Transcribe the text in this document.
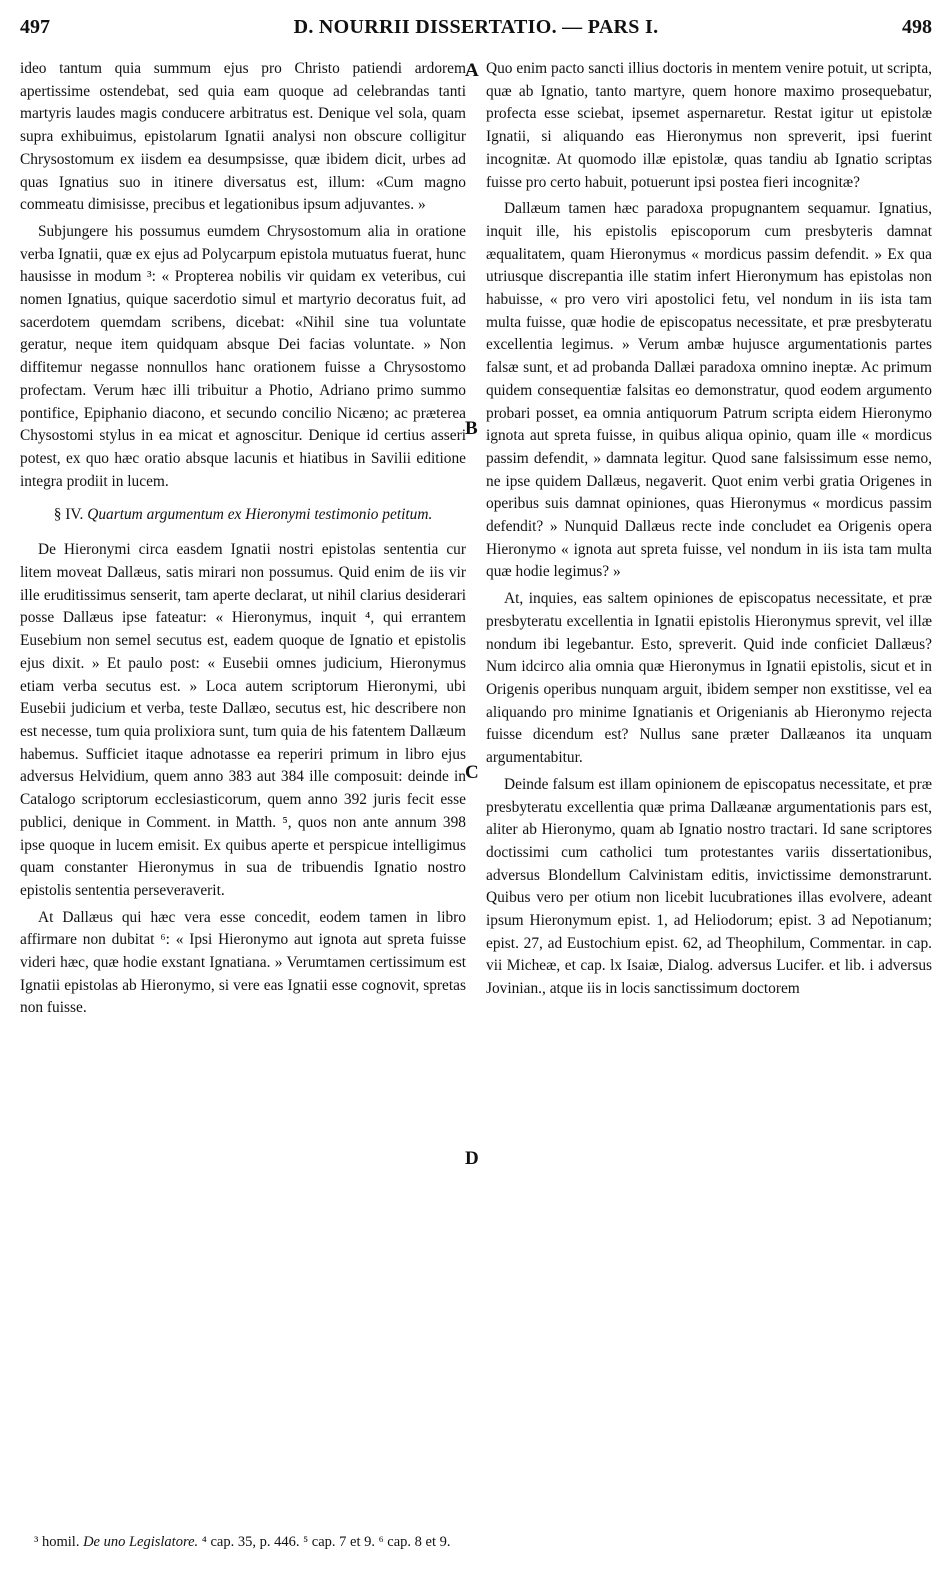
497	D. NOURRII DISSERTATIO. — PARS I.	498

ideo tantum quia summum ejus pro Christo patiendi ardorem apertissime ostendebat, sed quia eam quoque ad celebrandas tanti martyris laudes magis conducere arbitratus est. Denique vel sola, quam supra exhibuimus, epistolarum Ignatii analysi non obscure colligitur Chrysostomum ex iisdem ea desumpsisse, quæ ibidem dicit, urbes ad quas Ignatius suo in itinere diversatus est, illum: «Cum magno commeatu dimisisse, precibus et legationibus ipsum adjuvantes. »

Subjungere his possumus eumdem Chrysostomum alia in oratione verba Ignatii, quæ ex ejus ad Polycarpum epistola mutuatus fuerat, hunc hausisse in modum ³: « Propterea nobilis vir quidam ex veteribus, cui nomen Ignatius, quique sacerdotio simul et martyrio decoratus fuit, ad sacerdotem quemdam scribens, dicebat: «Nihil sine tua voluntate geratur, neque item quidquam absque Dei facias voluntate. » Non diffitemur negasse nonnullos hanc orationem fuisse a Chrysostomo profectam. Verum hæc illi tribuitur a Photio, Adriano primo summo pontifice, Epiphanio diacono, et secundo concilio Nicæno; ac præterea Chysostomi stylus in ea micat et agnoscitur. Denique id certius asseri potest, ex quo hæc oratio absque lacunis et hiatibus in Savilii editione integra prodiit in lucem.

§ IV. Quartum argumentum ex Hieronymi testimonio petitum.

De Hieronymi circa easdem Ignatii nostri epistolas sententia cur litem moveat Dallæus, satis mirari non possumus. Quid enim de iis vir ille eruditissimus senserit, tam aperte declarat, ut nihil clarius desiderari posse Dallæus ipse fateatur: « Hieronymus, inquit ⁴, qui errantem Eusebium non semel secutus est, eadem quoque de Ignatio et epistolis ejus dixit. » Et paulo post: « Eusebii omnes judicium, Hieronymus etiam verba secutus est. » Loca autem scriptorum Hieronymi, ubi Eusebii judicium et verba, teste Dallæo, secutus est, hic describere non est necesse, tum quia prolixiora sunt, tum quia de his fatentem Dallæum habemus. Sufficiet itaque adnotasse ea reperiri primum in libro ejus adversus Helvidium, quem anno 383 aut 384 ille composuit: deinde in Catalogo scriptorum ecclesiasticorum, quem anno 392 juris fecit esse publici, denique in Comment. in Matth. ⁵, quos non ante annum 398 ipse quoque in lucem emisit. Ex quibus aperte et perspicue intelligimus quam constanter Hieronymus in sua de tribuendis Ignatio nostro epistolis sententia perseveraverit.

At Dallæus qui hæc vera esse concedit, eodem tamen in libro affirmare non dubitat ⁶: « Ipsi Hieronymo aut ignota aut spreta fuisse videri hæc, quæ hodie exstant Ignatiana. » Verumtamen certissimum est Ignatii epistolas ab Hieronymo, si vere eas Ignatii esse cognovit, spretas non fuisse.

Quo enim pacto sancti illius doctoris in mentem venire potuit, ut scripta, quæ ab Ignatio, tanto martyre, quem honore maximo prosequebatur, profecta esse sciebat, ipsemet aspernaretur. Restat igitur ut epistolæ Ignatii, si aliquando eas Hieronymus non spreverit, ipsi fuerint incognitæ. At quomodo illæ epistolæ, quas tandiu ab Ignatio scriptas fuisse pro certo habuit, potuerunt ipsi postea fieri incognitæ?

Dallæum tamen hæc paradoxa propugnantem sequamur. Ignatius, inquit ille, his epistolis episcoporum cum presbyteris damnat æqualitatem, quam Hieronymus « mordicus passim defendit. » Ex qua utriusque discrepantia ille statim infert Hieronymum has epistolas non habuisse, « pro vero viri apostolici fetu, vel nondum in iis ista tam multa fuisse, quæ hodie de episcopatus necessitate, et præ presbyteratu excellentia legimus. » Verum ambæ hujusce argumentationis partes falsæ sunt, et ad probanda Dallæi paradoxa omnino ineptæ. Ac primum quidem consequentiæ falsitas eo demonstratur, quod eodem argumento probari posset, ea omnia antiquorum Patrum scripta eidem Hieronymo ignota aut spreta fuisse, in quibus aliqua opinio, quam ille « mordicus passim defendit, » damnata legitur. Quod sane falsissimum esse nemo, ne ipse quidem Dallæus, negaverit. Quot enim verbi gratia Origenes in operibus suis damnat opiniones, quas Hieronymus « mordicus passim defendit? » Nunquid Dallæus recte inde concludet ea Origenis opera Hieronymo « ignota aut spreta fuisse, vel nondum in iis ista tam multa quæ hodie legimus? »

At, inquies, eas saltem opiniones de episcopatus necessitate, et præ presbyteratu excellentia in Ignatii epistolis Hieronymus sprevit, vel illæ nondum ibi legebantur. Esto, spreverit. Quid inde conficiet Dallæus? Num idcirco alia omnia quæ Hieronymus in Ignatii epistolis, sicut et in Origenis operibus nunquam arguit, ibidem semper non exstitisse, vel ea aliquando pro minime Ignatianis et Origenianis ab Hieronymo rejecta fuisse dicendum est? Nullus sane præter Dallæanos ita unquam argumentabitur.

Deinde falsum est illam opinionem de episcopatus necessitate, et præ presbyteratu excellentia quæ prima Dallæanæ argumentationis pars est, aliter ab Hieronymo, quam ab Ignatio nostro tractari. Id sane scriptores doctissimi cum catholici tum protestantes variis dissertationibus, adversus Blondellum Calvinistam editis, invictissime demonstrarunt. Quibus vero per otium non licebit lucubrationes illas evolvere, adeant ipsum Hieronymum epist. 1, ad Heliodorum; epist. 3 ad Nepotianum; epist. 27, ad Eustochium epist. 62, ad Theophilum, Commentar. in cap. vii Micheæ, et cap. lx Isaiæ, Dialog. adversus Lucifer. et lib. i adversus Jovinian., atque iis in locis sanctissimum doctorem

A
B
C
D
³ homil. De uno Legislatore. ⁴ cap. 35, p. 446. ⁵ cap. 7 et 9. ⁶ cap. 8 et 9.
